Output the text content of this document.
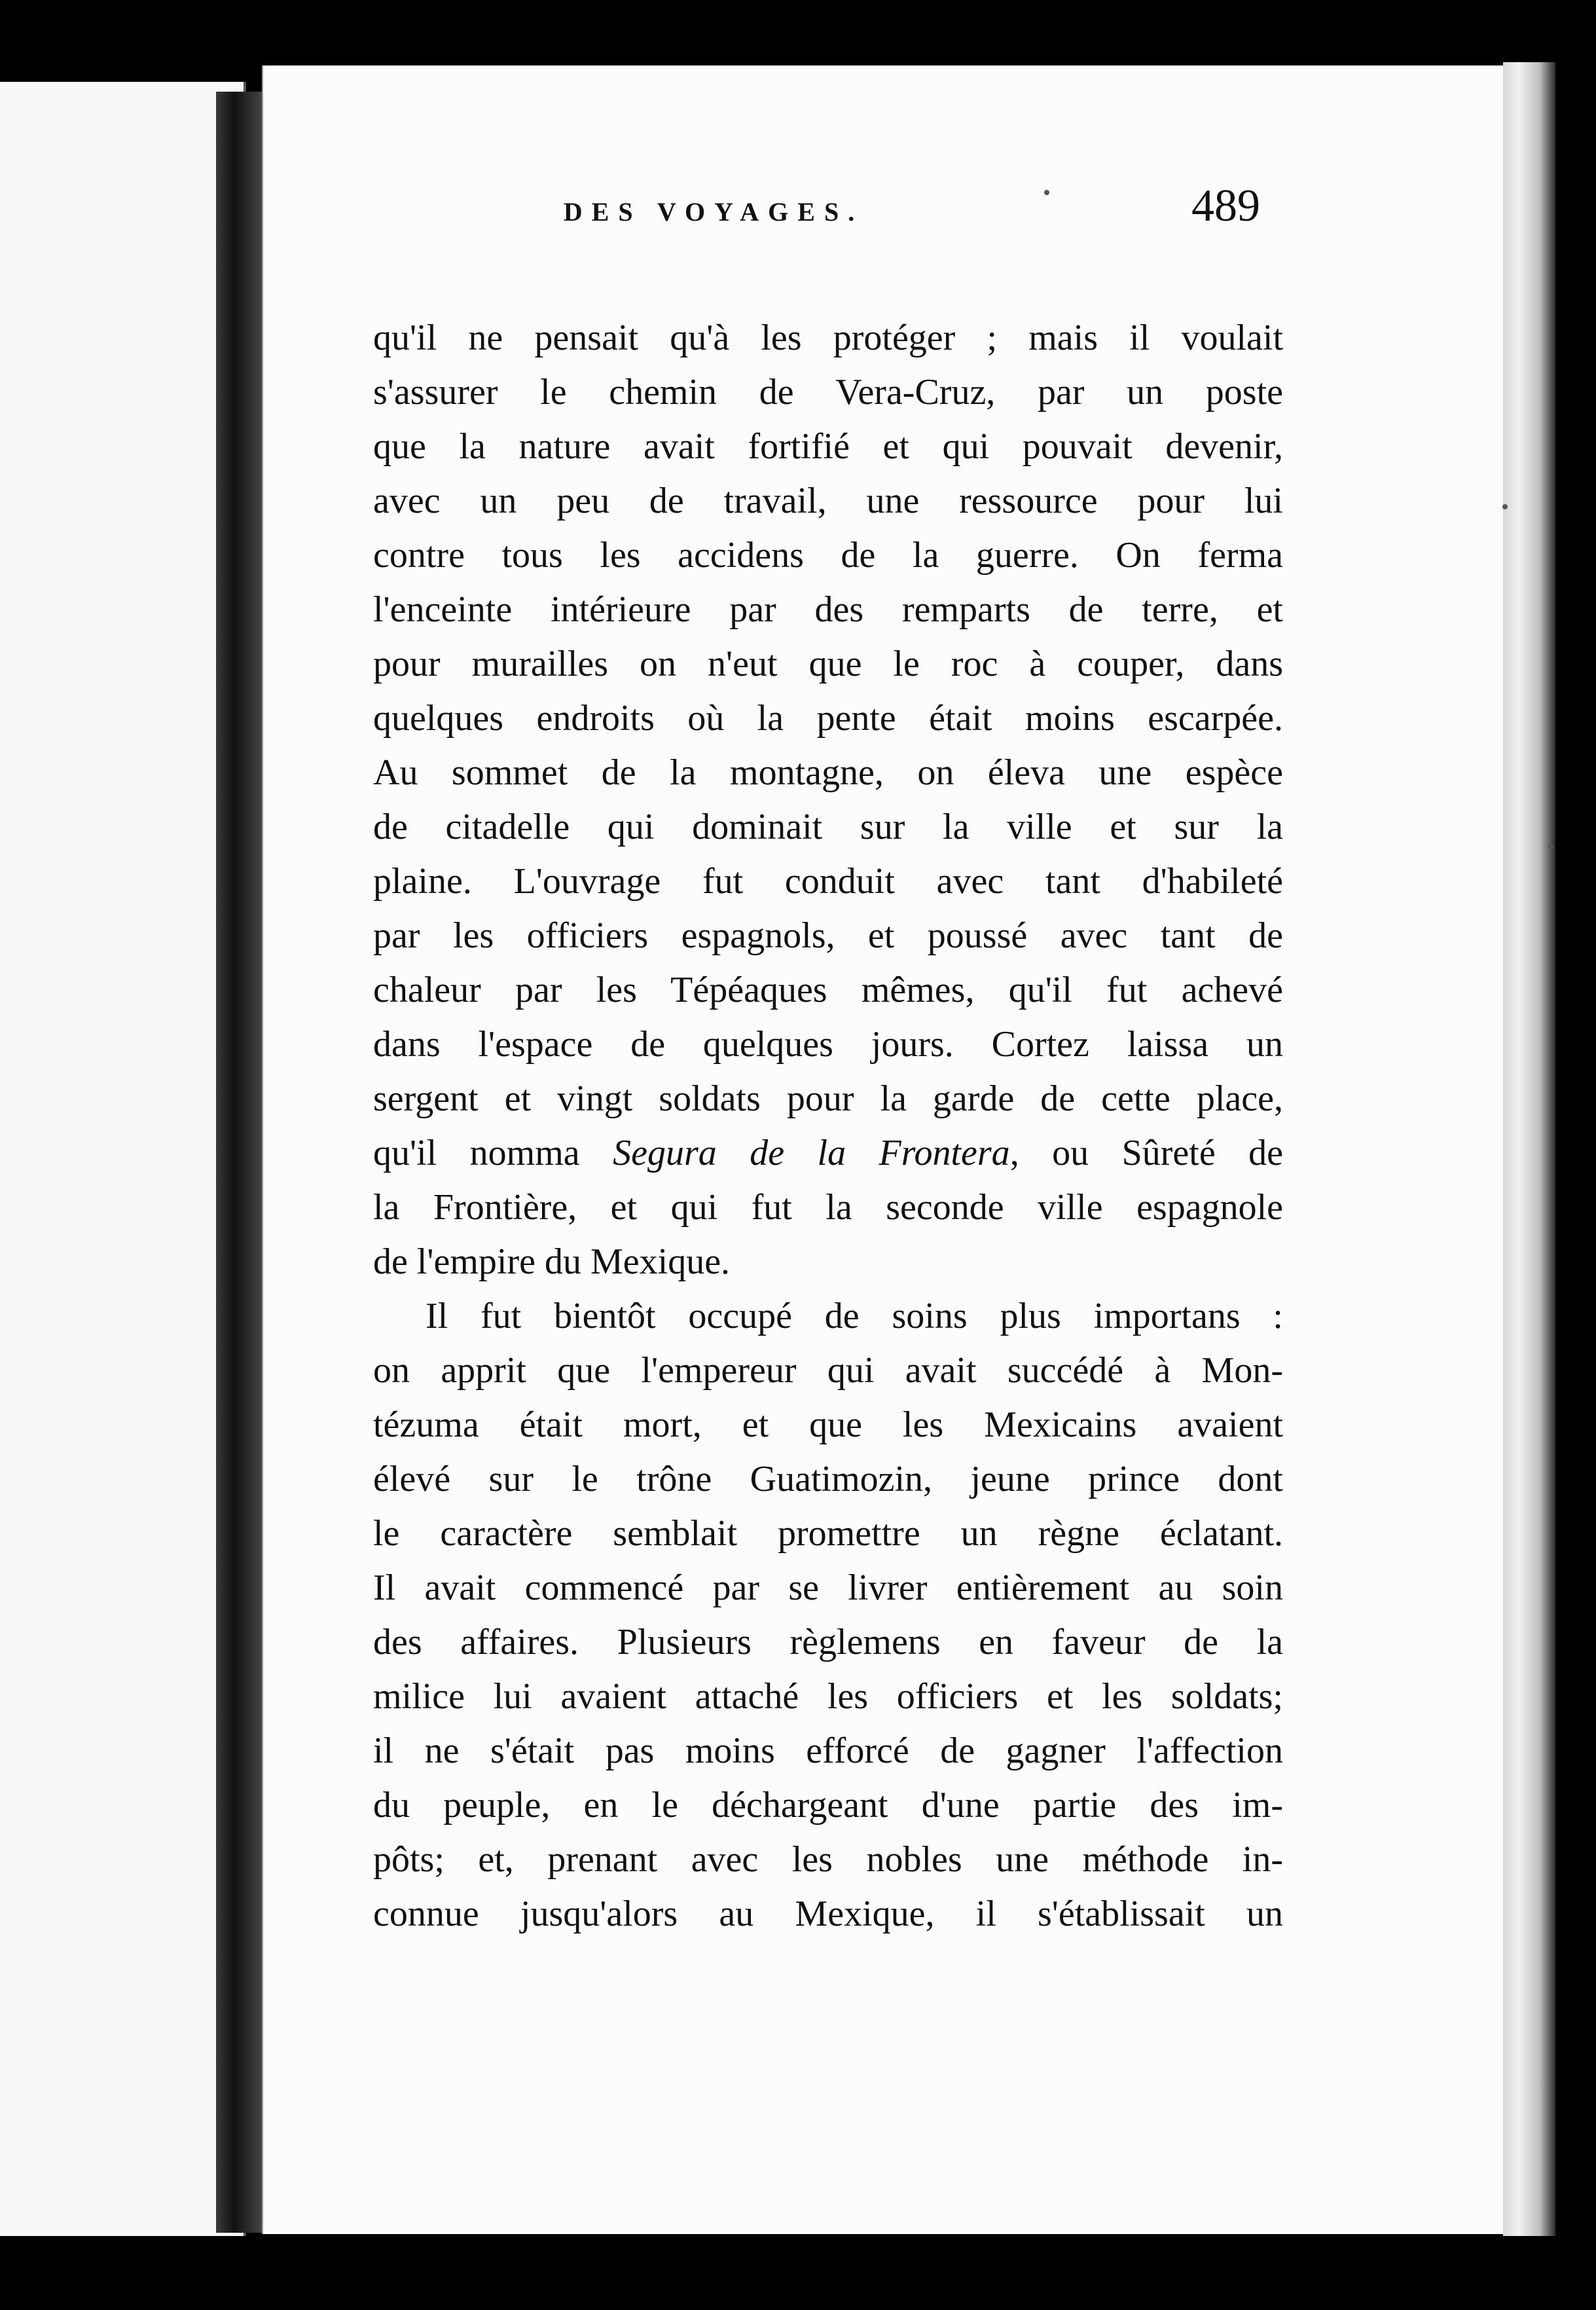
DES VOYAGES.	489
qu'il ne pensait qu'à les protéger ; mais il voulait
s'assurer le chemin de Vera-Cruz, par un poste
que la nature avait fortifié et qui pouvait devenir,
avec un peu de travail, une ressource pour lui
contre tous les accidens de la guerre. On ferma
l'enceinte intérieure par des remparts de terre, et
pour murailles on n'eut que le roc à couper, dans
quelques endroits où la pente était moins escarpée.
Au sommet de la montagne, on éleva une espèce
de citadelle qui dominait sur la ville et sur la
plaine. L'ouvrage fut conduit avec tant d'habileté
par les officiers espagnols, et poussé avec tant de
chaleur par les Tépéaques mêmes, qu'il fut achevé
dans l'espace de quelques jours. Cortez laissa un
sergent et vingt soldats pour la garde de cette place,
qu'il nomma Segura de la Frontera, ou Sûreté de
la Frontière, et qui fut la seconde ville espagnole
de l'empire du Mexique.
Il fut bientôt occupé de soins plus importans :
on apprit que l'empereur qui avait succédé à Mon-
tézuma était mort, et que les Mexicains avaient
élevé sur le trône Guatimozin, jeune prince dont
le caractère semblait promettre un règne éclatant.
Il avait commencé par se livrer entièrement au soin
des affaires. Plusieurs règlemens en faveur de la
milice lui avaient attaché les officiers et les soldats;
il ne s'était pas moins efforcé de gagner l'affection
du peuple, en le déchargeant d'une partie des im-
pôts; et, prenant avec les nobles une méthode in-
connue jusqu'alors au Mexique, il s'établissait un
